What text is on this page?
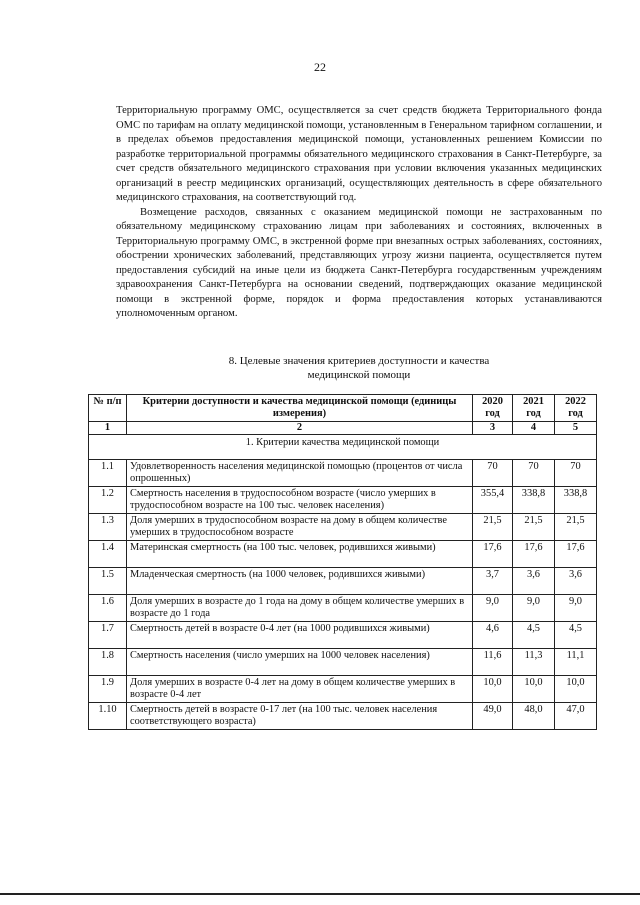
22

Территориальную программу ОМС, осуществляется за счет средств бюджета Территориального фонда ОМС по тарифам на оплату медицинской помощи, установленным в Генеральном тарифном соглашении, и в пределах объемов предоставления медицинской помощи, установленных решением Комиссии по разработке территориальной программы обязательного медицинского страхования в Санкт-Петербурге, за счет средств обязательного медицинского страхования при условии включения указанных медицинских организаций в реестр медицинских организаций, осуществляющих деятельность в сфере обязательного медицинского страхования, на соответствующий год.

Возмещение расходов, связанных с оказанием медицинской помощи не застрахованным по обязательному медицинскому страхованию лицам при заболеваниях и состояниях, включенных в Территориальную программу ОМС, в экстренной форме при внезапных острых заболеваниях, состояниях, обострении хронических заболеваний, представляющих угрозу жизни пациента, осуществляется путем предоставления субсидий на иные цели из бюджета Санкт-Петербурга государственным учреждениям здравоохранения Санкт-Петербурга на основании сведений, подтверждающих оказание медицинской помощи в экстренной форме, порядок и форма предоставления которых устанавливаются уполномоченным органом.

8. Целевые значения критериев доступности и качества
медицинской помощи
№ п/п	Критерии доступности и качества медицинской помощи (единицы измерения)	2020 год	2021 год	2022 год
1	2	3	4	5
1. Критерии качества медицинской помощи				
1.1	Удовлетворенность населения медицинской помощью (процентов от числа опрошенных)	70	70	70
1.2	Смертность населения в трудоспособном возрасте (число умерших в трудоспособном возрасте на 100 тыс. человек населения)	355,4	338,8	338,8
1.3	Доля умерших в трудоспособном возрасте на дому в общем количестве умерших в трудоспособном возрасте	21,5	21,5	21,5
1.4	Материнская смертность (на 100 тыс. человек, родившихся живыми)	17,6	17,6	17,6
1.5	Младенческая смертность (на 1000 человек, родившихся живыми)	3,7	3,6	3,6
1.6	Доля умерших в возрасте до 1 года на дому в общем количестве умерших в возрасте до 1 года	9,0	9,0	9,0
1.7	Смертность детей в возрасте 0-4 лет (на 1000 родившихся живыми)	4,6	4,5	4,5
1.8	Смертность населения (число умерших на 1000 человек населения)	11,6	11,3	11,1
1.9	Доля умерших в возрасте 0-4 лет на дому в общем количестве умерших в возрасте 0-4 лет	10,0	10,0	10,0
1.10	Смертность детей в возрасте 0-17 лет (на 100 тыс. человек населения соответствующего возраста)	49,0	48,0	47,0
